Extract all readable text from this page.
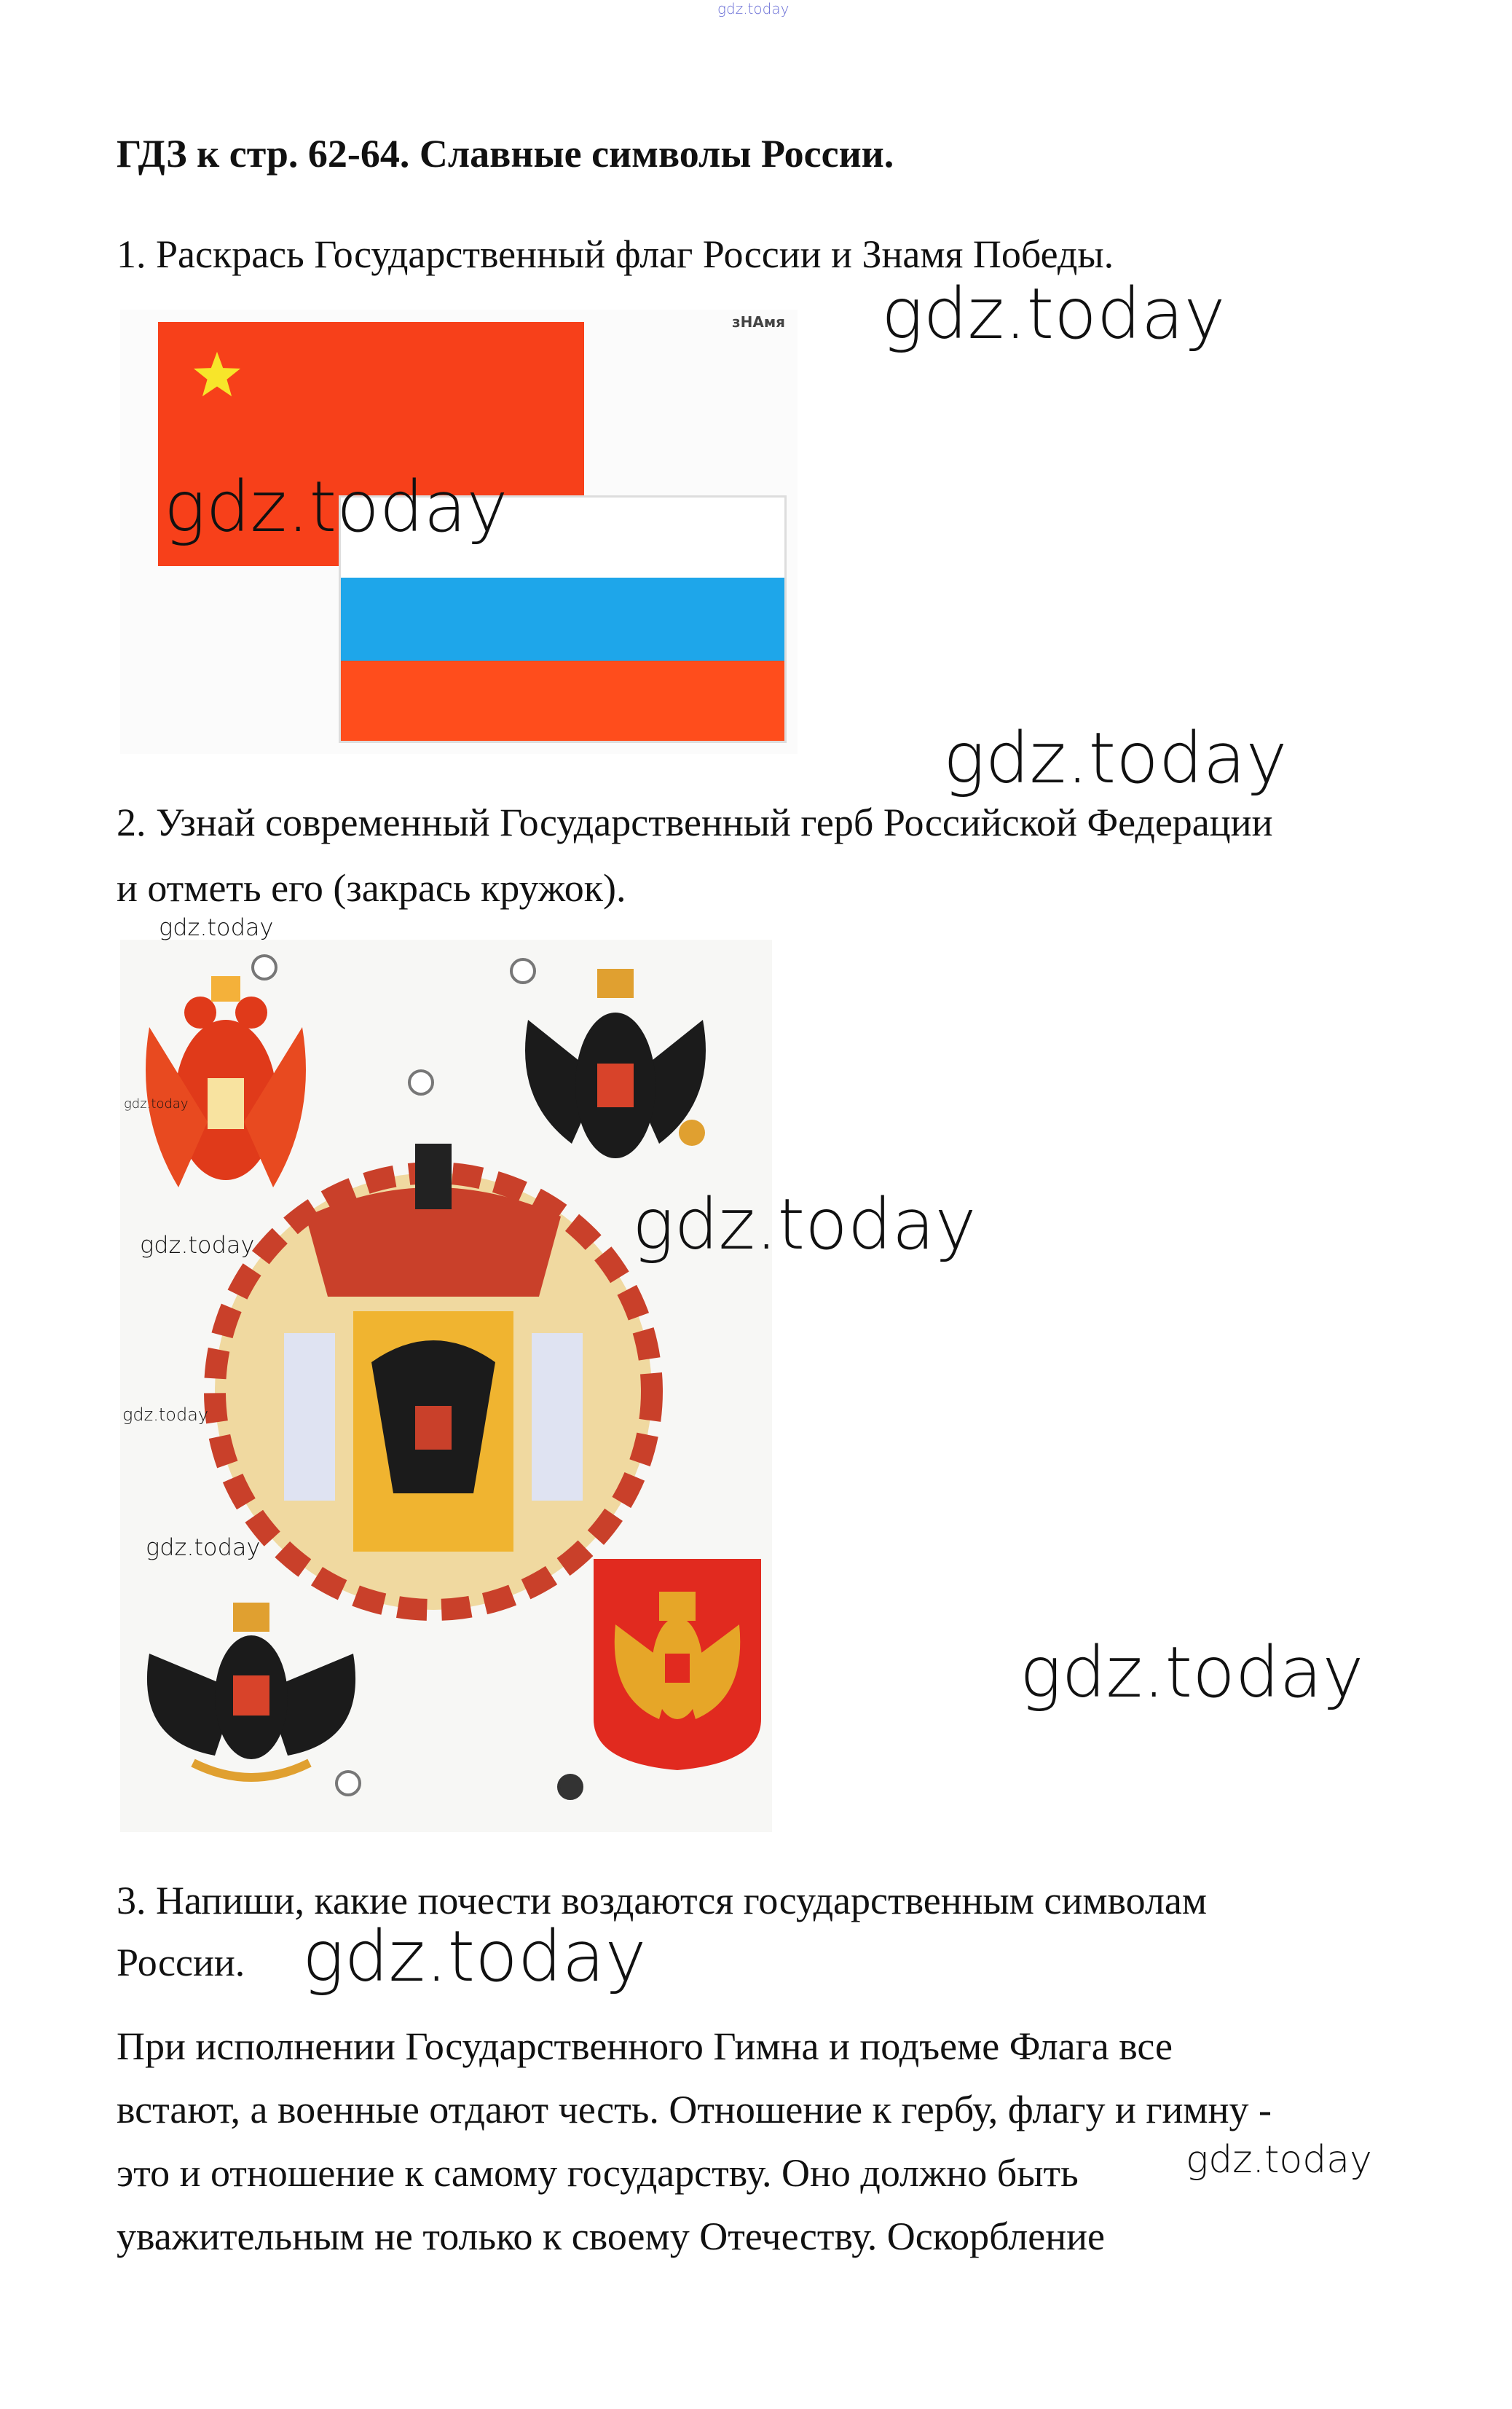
gdz.today
ГДЗ к стр. 62-64. Славные символы России.
1. Раскрась Государственный флаг России и Знамя Победы.
зНАмя gdz.today
gdz.today
gdz.today
2. Узнай современный Государственный герб Российской Федерации
и отметь его (закрась кружок).
gdz.today
gdz.today
gdz.today	gdz.today
gdz.today
gdz.today
gdz.today
3. Напиши, какие почести воздаются государственным символам
России. gdz.today
При исполнении Государственного Гимна и подъеме Флага все
встают, а военные отдают честь. Отношение к гербу, флагу и гимну -
это и отношение к самому государству. Оно должно быть
уважительным не только к своему Отечеству. Оскорбление
gdz.today
